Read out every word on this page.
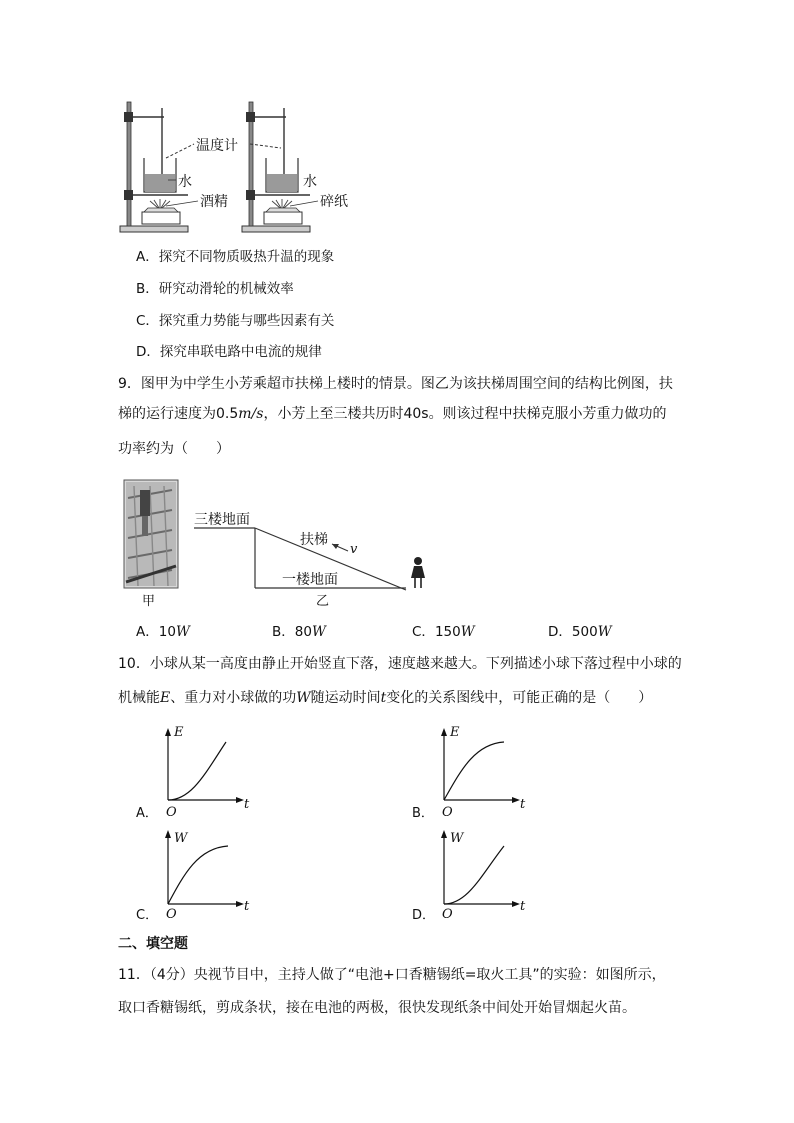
温度计
水	水
酒精	碎纸
A．探究不同物质吸热升温的现象
B．研究动滑轮的机械效率
C．探究重力势能与哪些因素有关
D．探究串联电路中电流的规律
9．图甲为中学生小芳乘超市扶梯上楼时的情景。图乙为该扶梯周围空间的结构比例图，扶
梯的运行速度为0.5m/s，小芳上至三楼共历时40s。则该过程中扶梯克服小芳重力做功的
功率约为（　　）
三楼地面
扶梯
v
一楼地面
甲	乙
A．10W	B．80W	C．150W	D．500W
10．小球从某一高度由静止开始竖直下落，速度越来越大。下列描述小球下落过程中小球的
机械能E、重力对小球做的功W随运动时间t变化的关系图线中，可能正确的是（　　）
A．
E
O
t
B．
E
O
t
C．
W
O
t
D．
W
O
t
二、填空题
11．（4分）央视节目中，主持人做了“电池+口香糖锡纸=取火工具”的实验：如图所示，
取口香糖锡纸，剪成条状，接在电池的两极，很快发现纸条中间处开始冒烟起火苗。
